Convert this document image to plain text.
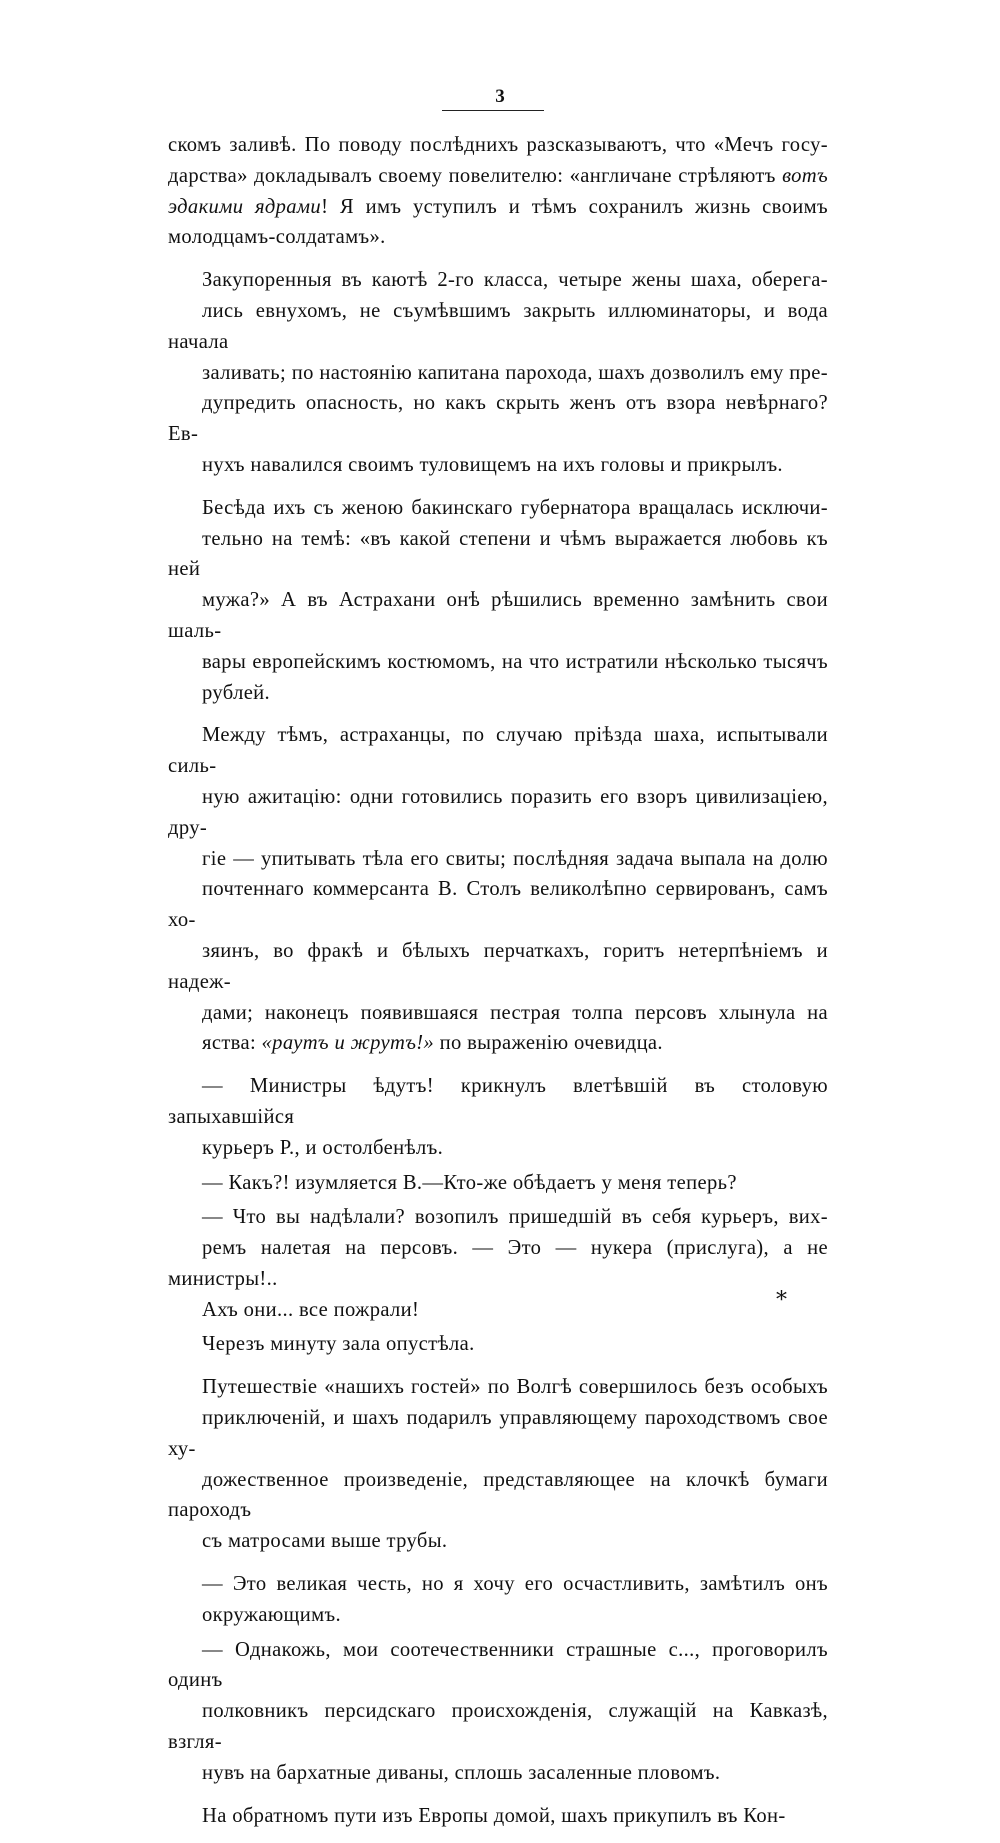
3
скомъ заливѣ. По поводу послѣднихъ разсказываютъ, что «Мечъ госу-
дарства» докладывалъ своему повелителю: «англичане стрѣляютъ вотъ
эдакими ядрами! Я имъ уступилъ и тѣмъ сохранилъ жизнь своимъ
молодцамъ-солдатамъ».
Закупоренныя въ каютѣ 2-го класса, четыре жены шаха, оберега-
лись евнухомъ, не съумѣвшимъ закрыть иллюминаторы, и вода начала
заливать; по настоянію капитана парохода, шахъ дозволилъ ему пре-
дупредить опасность, но какъ скрыть женъ отъ взора невѣрнаго? Ев-
нухъ навалился своимъ туловищемъ на ихъ головы и прикрылъ.
Бесѣда ихъ съ женою бакинскаго губернатора вращалась исключи-
тельно на темѣ: «въ какой степени и чѣмъ выражается любовь къ ней
мужа?» А въ Астрахани онѣ рѣшились временно замѣнить свои шаль-
вары европейскимъ костюмомъ, на что истратили нѣсколько тысячъ
рублей.
Между тѣмъ, астраханцы, по случаю пріѣзда шаха, испытывали силь-
ную ажитацію: одни готовились поразить его взоръ цивилизаціею, дру-
гіе — упитывать тѣла его свиты; послѣдняя задача выпала на долю
почтеннаго коммерсанта В. Столъ великолѣпно сервированъ, самъ хо-
зяинъ, во фракѣ и бѣлыхъ перчаткахъ, горитъ нетерпѣніемъ и надеж-
дами; наконецъ появившаяся пестрая толпа персовъ хлынула на
яства: «раутъ и жрутъ!» по выраженію очевидца.
— Министры ѣдутъ! крикнулъ влетѣвшій въ столовую запыхавшійся
курьеръ Р., и остолбенѣлъ.
— Какъ?! изумляется В.—Кто-же обѣдаетъ у меня теперь?
— Что вы надѣлали? возопилъ пришедшій въ себя курьеръ, вих-
ремъ налетая на персовъ. — Это — нукера (прислуга), а не министры!..
Ахъ они... все пожрали!
Черезъ минуту зала опустѣла.
Путешествіе «нашихъ гостей» по Волгѣ совершилось безъ особыхъ
приключеній, и шахъ подарилъ управляющему пароходствомъ свое ху-
дожественное произведеніе, представляющее на клочкѣ бумаги пароходъ
съ матросами выше трубы.
— Это великая честь, но я хочу его осчастливить, замѣтилъ онъ
окружающимъ.
— Однакожь, мои соотечественники страшные с..., проговорилъ одинъ
полковникъ персидскаго происхожденія, служащій на Кавказѣ, взгля-
нувъ на бархатные диваны, сплошь засаленные пловомъ.
На обратномъ пути изъ Европы домой, шахъ прикупилъ въ Кон-
*
